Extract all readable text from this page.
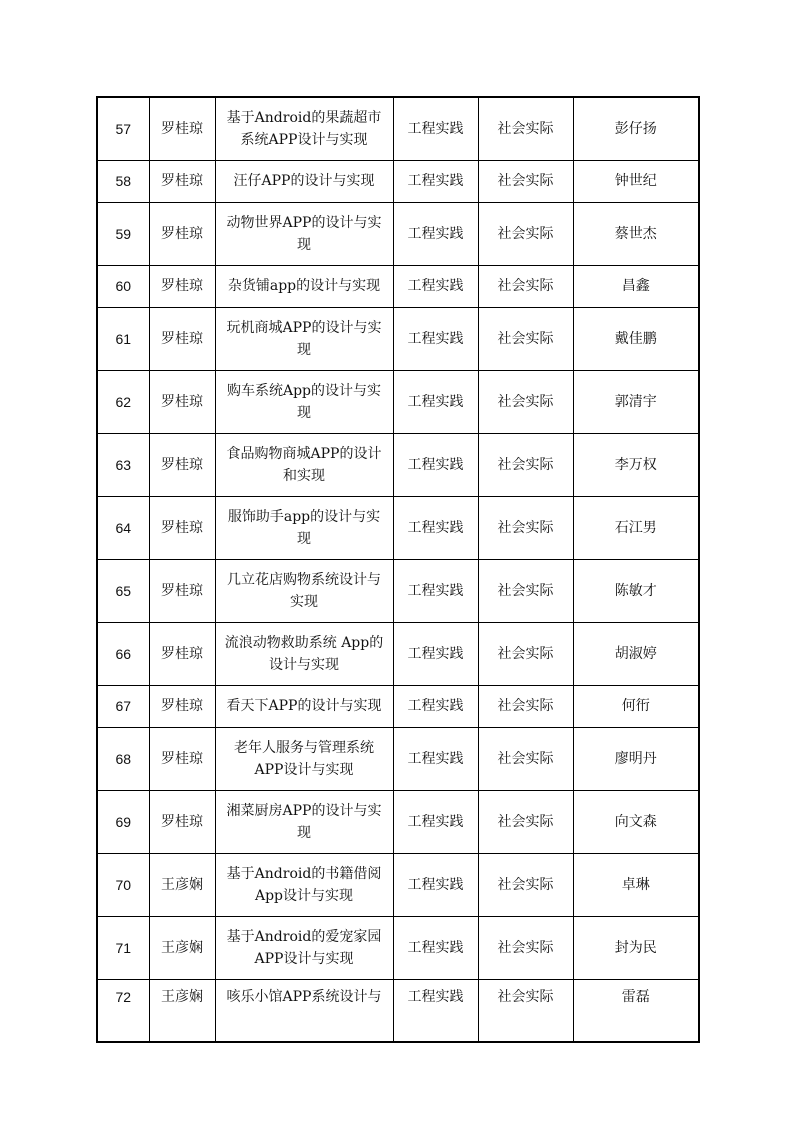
57	罗桂琼	基于Android的果蔬超市系统APP设计与实现	工程实践	社会实际	彭仔扬
58	罗桂琼	汪仔APP的设计与实现	工程实践	社会实际	钟世纪
59	罗桂琼	动物世界APP的设计与实现	工程实践	社会实际	蔡世杰
60	罗桂琼	杂货铺app的设计与实现	工程实践	社会实际	昌鑫
61	罗桂琼	玩机商城APP的设计与实现	工程实践	社会实际	戴佳鹏
62	罗桂琼	购车系统App的设计与实现	工程实践	社会实际	郭清宇
63	罗桂琼	食品购物商城APP的设计和实现	工程实践	社会实际	李万权
64	罗桂琼	服饰助手app的设计与实现	工程实践	社会实际	石江男
65	罗桂琼	几立花店购物系统设计与实现	工程实践	社会实际	陈敏才
66	罗桂琼	流浪动物救助系统 App的设计与实现	工程实践	社会实际	胡淑婷
67	罗桂琼	看天下APP的设计与实现	工程实践	社会实际	何衎
68	罗桂琼	老年人服务与管理系统APP设计与实现	工程实践	社会实际	廖明丹
69	罗桂琼	湘菜厨房APP的设计与实现	工程实践	社会实际	向文森
70	王彦娴	基于Android的书籍借阅App设计与实现	工程实践	社会实际	卓琳
71	王彦娴	基于Android的爱宠家园APP设计与实现	工程实践	社会实际	封为民
72	王彦娴	咳乐小馆APP系统设计与	工程实践	社会实际	雷磊
